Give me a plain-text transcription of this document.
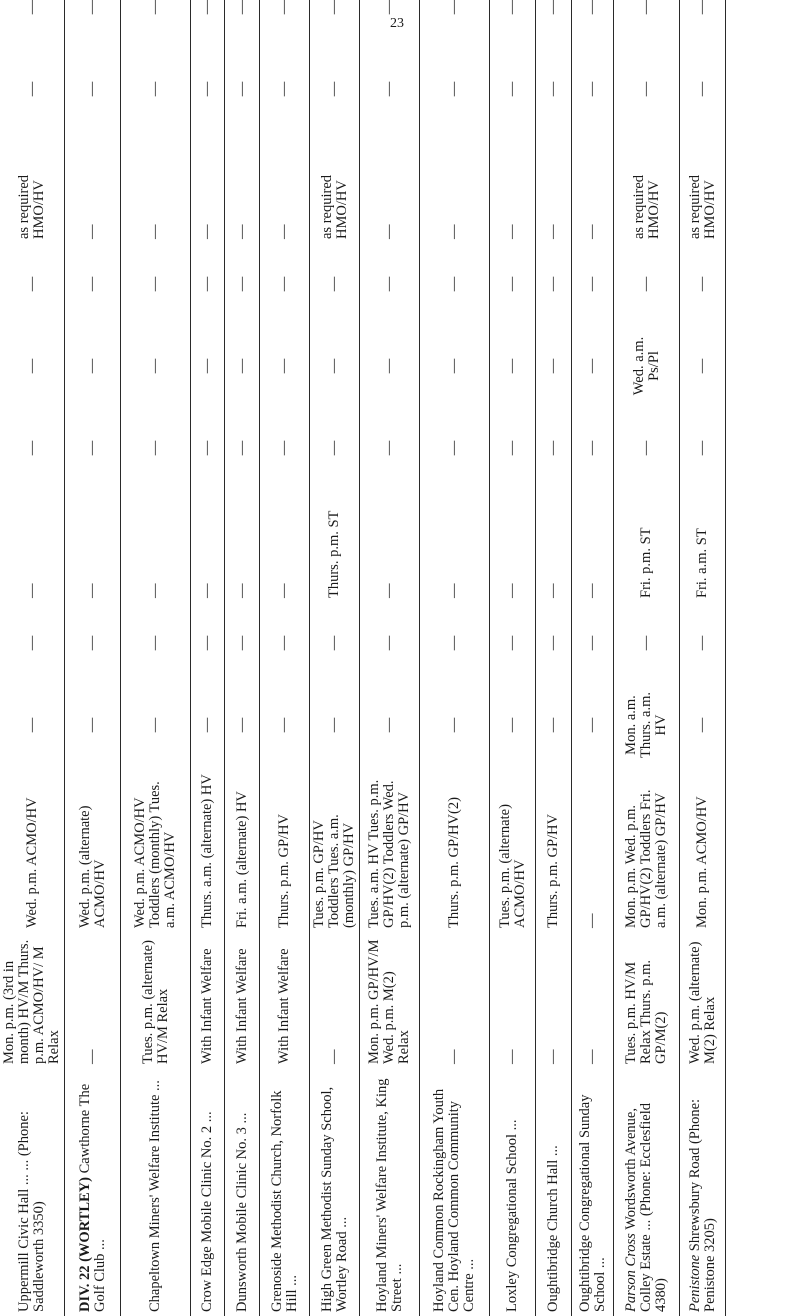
23
Uppermill Civic Hall ... ... (Phone: Saddleworth 3350)	Mon. p.m. (3rd in month) HV/M Thurs. p.m. ACMO/HV/ M Relax	Wed. p.m. ACMO/HV	—	—	—	—	—	—	as required HMO/HV	—	—		
DIV. 22 (WORTLEY) Cawthorne The Golf Club ...	—	Wed. p.m. (alternate) ACMO/HV	—	—	—	—	—	—	—	—	—		
Chapeltown Miners' Welfare Institute ...	Tues. p.m. (alternate) HV/M Relax	Wed. p.m. ACMO/HV Toddlers (monthly) Tues. a.m. ACMO/HV	—	—	—	—	—	—	—	—	—		
Crow Edge Mobile Clinic No. 2 ...	With Infant Welfare	Thurs. a.m. (alternate) HV	—	—	—	—	—	—	—	—	—		
Dunsworth Mobile Clinic No. 3 ...	With Infant Welfare	Fri. a.m. (alternate) HV	—	—	—	—	—	—	—	—	—		
Grenoside Methodist Church, Norfolk Hill ...	With Infant Welfare	Thurs. p.m. GP/HV	—	—	—	—	—	—	—	—	—		
High Green Methodist Sunday School, Wortley Road ...	—	Tues. p.m. GP/HV Toddlers Tues. a.m. (monthly) GP/HV	—	—	Thurs. p.m. ST	—	—	—	as required HMO/HV	—	—		
Hoyland Miners' Welfare Institute, King Street ...	Mon. p.m. GP/HV/M Wed. p.m. M(2) Relax	Tues. a.m. HV Tues. p.m. GP/HV(2) Toddlers Wed. p.m. (alternate) GP/HV	—	—	—	—	—	—	—	—	—		
Hoyland Common Rockingham Youth Cen. Hoyland Common Community Centre ...	—	Thurs. p.m. GP/HV(2)	—	—	—	—	—	—	—	—	—		
Loxley Congregational School ...	—	Tues. p.m. (alternate) ACMO/HV	—	—	—	—	—	—	—	—	—		
Oughtibridge Church Hall ...	—	Thurs. p.m. GP/HV	—	—	—	—	—	—	—	—	—		
Oughtibridge Congregational Sunday School ...	—	—	—	—	—	—	—	—	—	—	—		
Parson Cross Wordsworth Avenue, Colley Estate ... (Phone: Ecclesfield 4380)	Tues. p.m. HV/M Relax Thurs. p.m. GP/M(2)	Mon. p.m. Wed. p.m. GP/HV(2) Toddlers Fri. a.m. (alternate) GP/HV	Mon. a.m. Thurs. a.m. HV	—	Fri. p.m. ST	—	Wed. a.m. Ps/Pl	—	as required HMO/HV	—	—		
Penistone Shrewsbury Road (Phone: Penistone 3205)	Wed. p.m. (alternate) M(2) Relax	Mon. p.m. ACMO/HV	—	—	Fri. a.m. ST	—	—	—	as required HMO/HV	—	—		
